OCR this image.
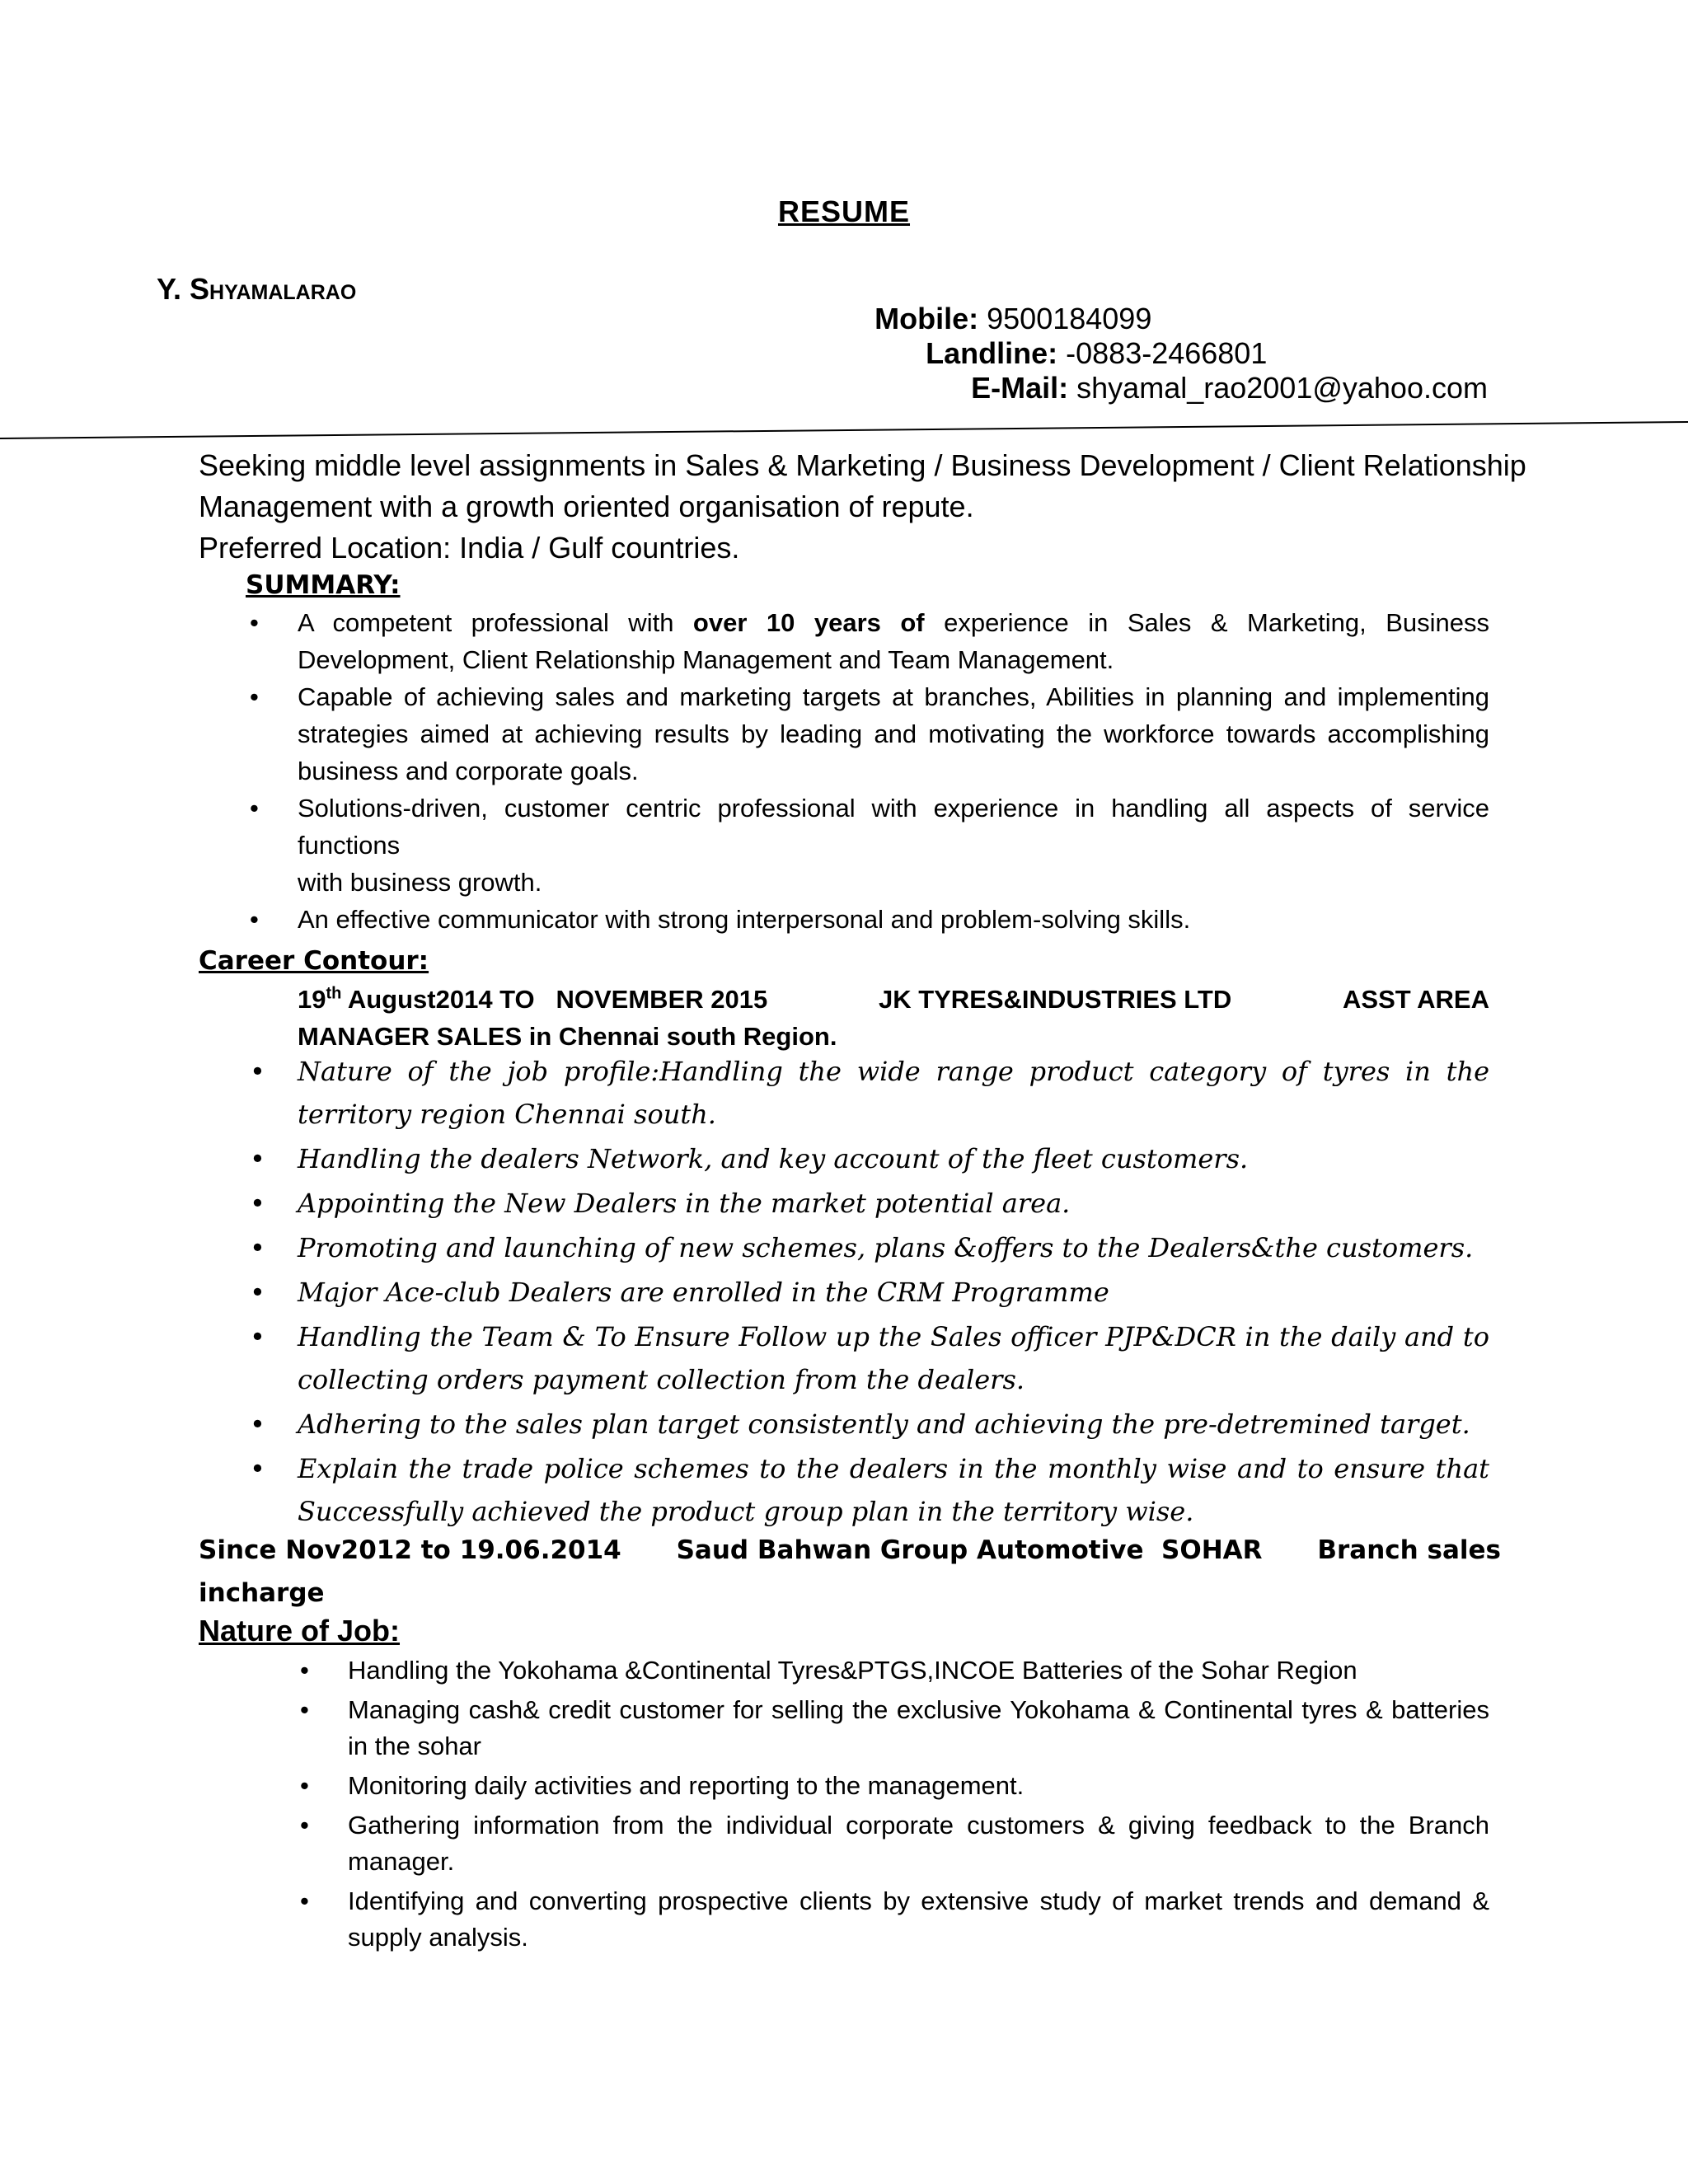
RESUME
Y. Shyamalarao
Mobile: 9500184099
Landline: -0883-2466801
E-Mail: shyamal_rao2001@yahoo.com

Seeking middle level assignments in Sales & Marketing / Business Development / Client Relationship Management with a growth oriented organisation of repute.

Preferred Location: India / Gulf countries.

SUMMARY:
• A competent professional with over 10 years of experience in Sales & Marketing, Business Development, Client Relationship Management and Team Management.
• Capable of achieving sales and marketing targets at branches, Abilities in planning and implementing strategies aimed at achieving results by leading and motivating the workforce towards accomplishing business and corporate goals.
• Solutions-driven, customer centric professional with experience in handling all aspects of service functions
with business growth.
• An effective communicator with strong interpersonal and problem-solving skills.
Career Contour:
19th August2014 TO   NOVEMBER 2015	JK TYRES&INDUSTRIES LTD	ASST AREA
MANAGER SALES in Chennai south Region.
• Nature of the job profile:Handling the wide range product category of tyres in the territory region Chennai south.
• Handling the dealers Network, and key account of the fleet customers.
• Appointing the New Dealers in the market potential area.
• Promoting and launching of new schemes, plans &offers to the Dealers&the customers.
• Major Ace-club Dealers are enrolled in the CRM Programme
• Handling the Team & To Ensure Follow up the Sales officer PJP&DCR in the daily and to collecting orders payment collection from the dealers.
• Adhering to the sales plan target consistently and achieving the pre-detremined target.
• Explain the trade police schemes to the dealers in the monthly wise and to ensure that Successfully achieved the product group plan in the territory wise.
Since Nov2012 to 19.06.2014 Saud Bahwan Group Automotive  SOHAR Branch sales
incharge
Nature of Job:
• Handling the Yokohama &Continental Tyres&PTGS,INCOE Batteries of the Sohar Region
• Managing cash& credit customer for selling the exclusive Yokohama & Continental tyres & batteries in the sohar
• Monitoring daily activities and reporting to the management.
• Gathering information from the individual corporate customers & giving feedback to the Branch manager.
• Identifying and converting prospective clients by extensive study of market trends and demand & supply analysis.
